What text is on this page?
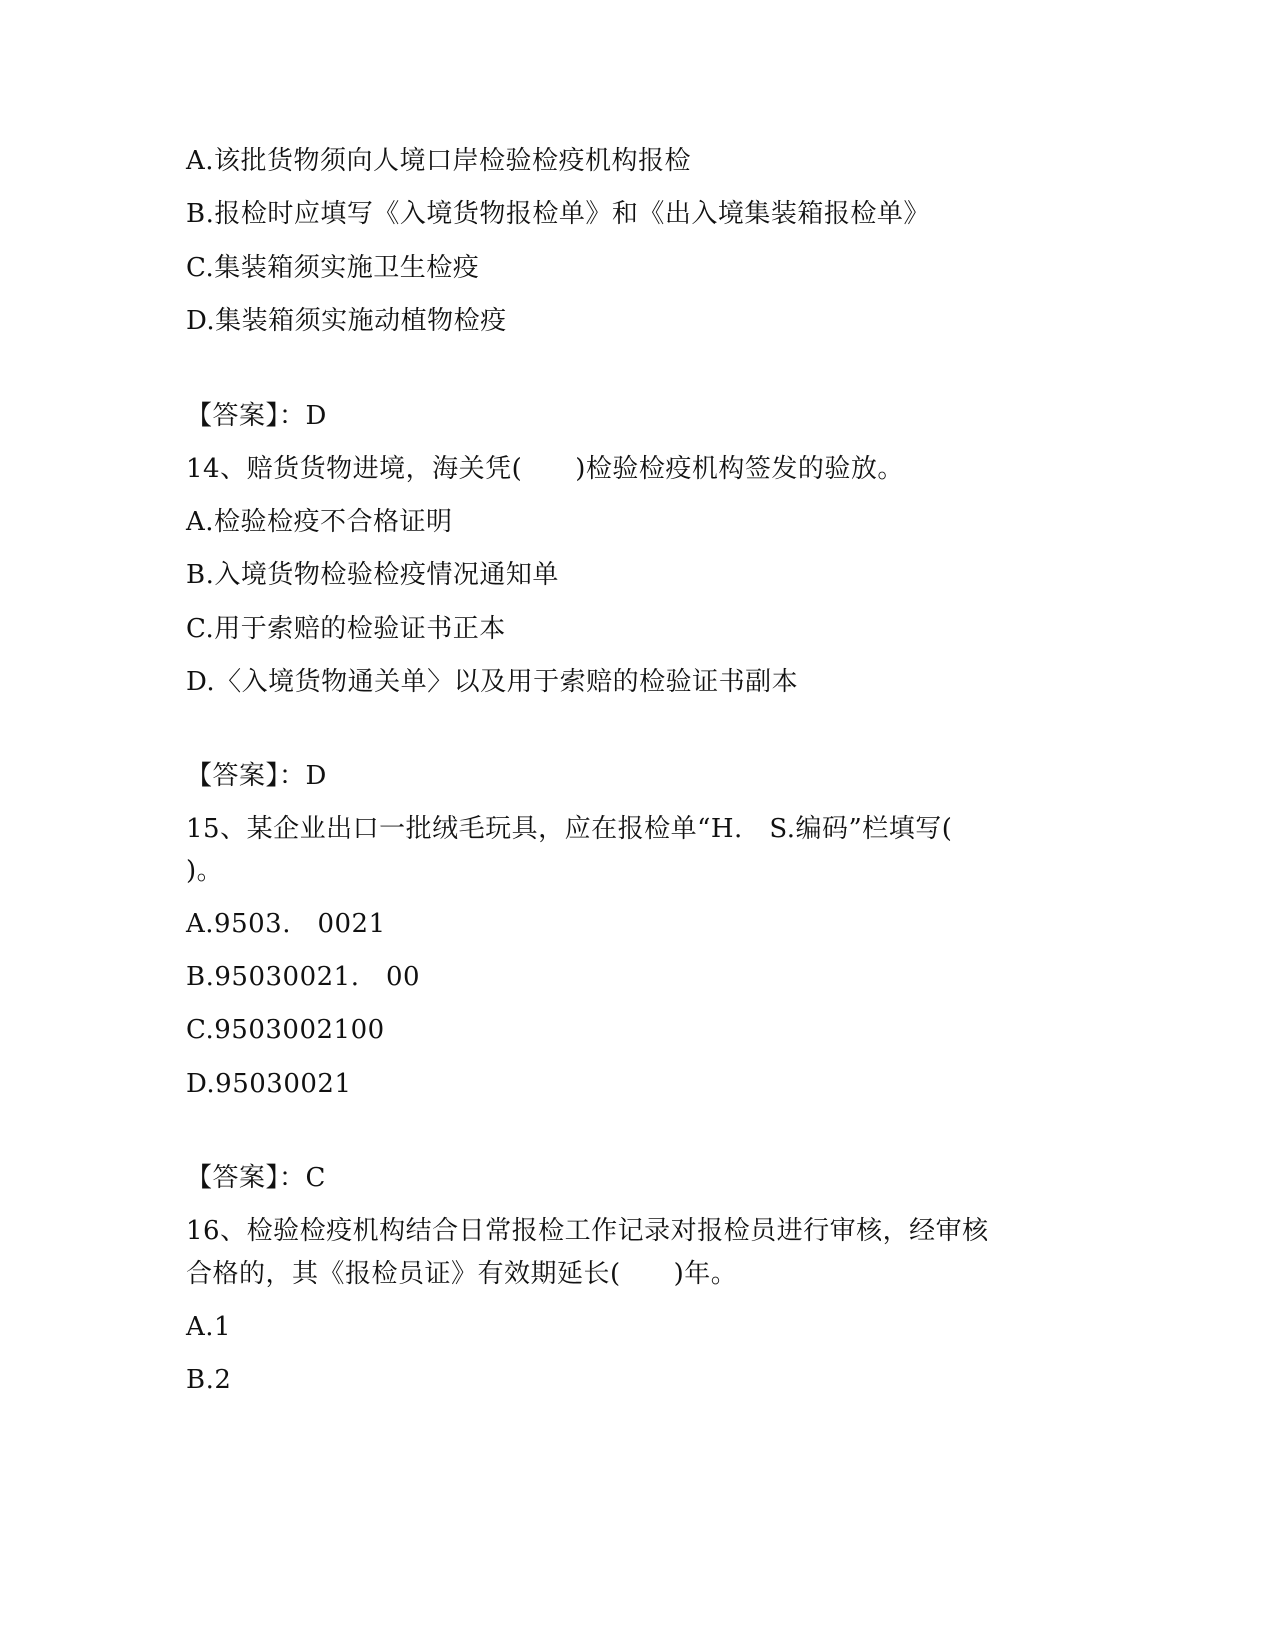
A.该批货物须向人境口岸检验检疫机构报检
B.报检时应填写《入境货物报检单》和《出入境集装箱报检单》
C.集装箱须实施卫生检疫
D.集装箱须实施动植物检疫
【答案】：D
14、赔货货物进境，海关凭(　　)检验检疫机构签发的验放。
A.检验检疫不合格证明
B.入境货物检验检疫情况通知单
C.用于索赔的检验证书正本
D.〈入境货物通关单〉以及用于索赔的检验证书副本
【答案】：D
15、某企业出口一批绒毛玩具，应在报检单“H.　S.编码”栏填写(
)。
A.9503.　0021
B.95030021.　00
C.9503002100
D.95030021
【答案】：C
16、检验检疫机构结合日常报检工作记录对报检员进行审核，经审核
合格的，其《报检员证》有效期延长(　　)年。
A.1
B.2
